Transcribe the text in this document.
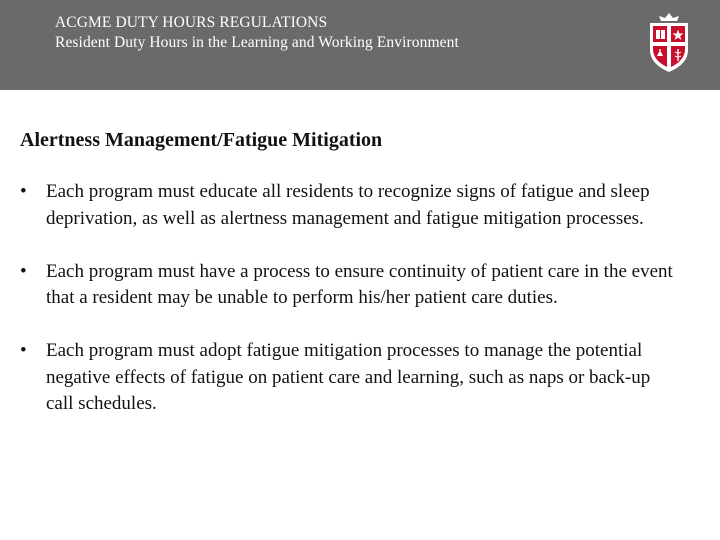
ACGME DUTY HOURS REGULATIONS
Resident Duty Hours in the Learning and Working Environment
Alertness Management/Fatigue Mitigation
• Each program must educate all residents to recognize signs of fatigue and sleep deprivation, as well as alertness management and fatigue mitigation processes.
• Each program must have a process to ensure continuity of patient care in the event that a resident may be unable to perform his/her patient care duties.
• Each program must adopt fatigue mitigation processes to manage the potential negative effects of fatigue on patient care and learning, such as naps or back-up call schedules.
